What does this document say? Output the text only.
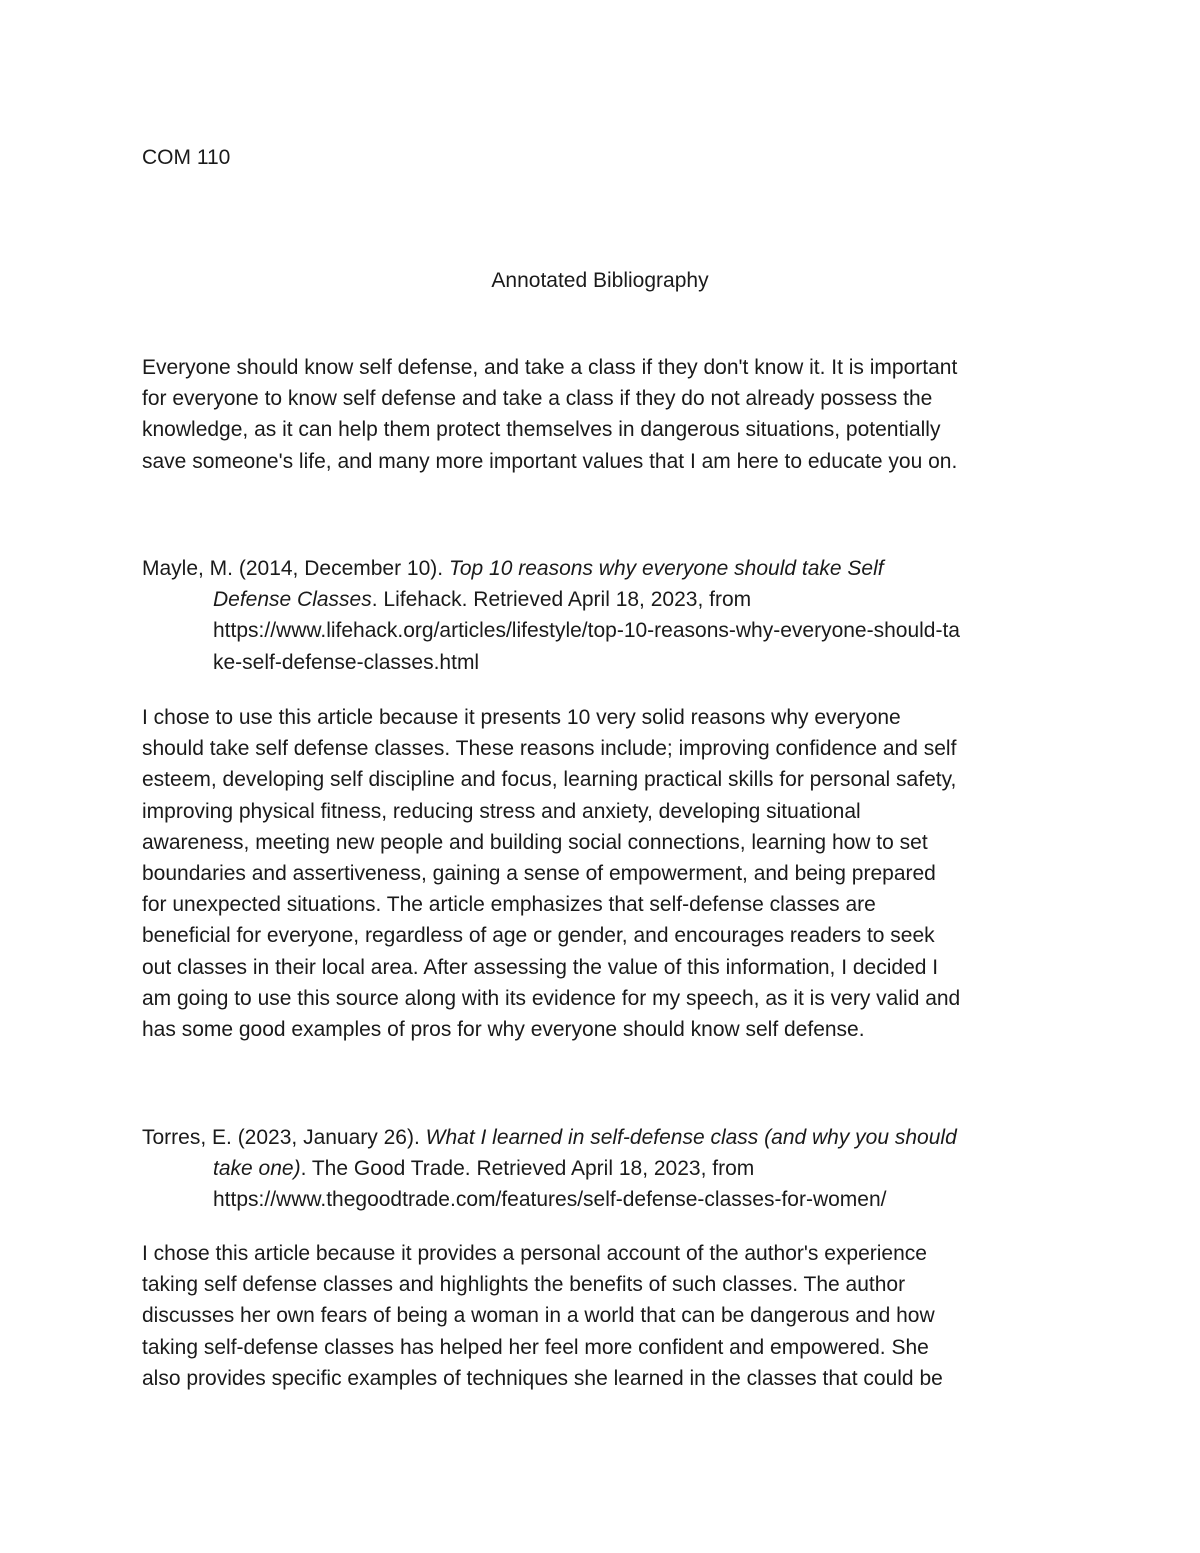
COM 110

Annotated Bibliography

Everyone should know self defense, and take a class if they don't know it. It is important
for everyone to know self defense and take a class if they do not already possess the
knowledge, as it can help them protect themselves in dangerous situations, potentially
save someone's life, and many more important values that I am here to educate you on.

Mayle, M. (2014, December 10). Top 10 reasons why everyone should take Self
Defense Classes. Lifehack. Retrieved April 18, 2023, from
https://www.lifehack.org/articles/lifestyle/top-10-reasons-why-everyone-should-ta
ke-self-defense-classes.html

I chose to use this article because it presents 10 very solid reasons why everyone
should take self defense classes. These reasons include; improving confidence and self
esteem, developing self discipline and focus, learning practical skills for personal safety,
improving physical fitness, reducing stress and anxiety, developing situational
awareness, meeting new people and building social connections, learning how to set
boundaries and assertiveness, gaining a sense of empowerment, and being prepared
for unexpected situations. The article emphasizes that self-defense classes are
beneficial for everyone, regardless of age or gender, and encourages readers to seek
out classes in their local area. After assessing the value of this information, I decided I
am going to use this source along with its evidence for my speech, as it is very valid and
has some good examples of pros for why everyone should know self defense.

Torres, E. (2023, January 26). What I learned in self-defense class (and why you should
take one). The Good Trade. Retrieved April 18, 2023, from
https://www.thegoodtrade.com/features/self-defense-classes-for-women/

I chose this article because it provides a personal account of the author's experience
taking self defense classes and highlights the benefits of such classes. The author
discusses her own fears of being a woman in a world that can be dangerous and how
taking self-defense classes has helped her feel more confident and empowered. She
also provides specific examples of techniques she learned in the classes that could be
